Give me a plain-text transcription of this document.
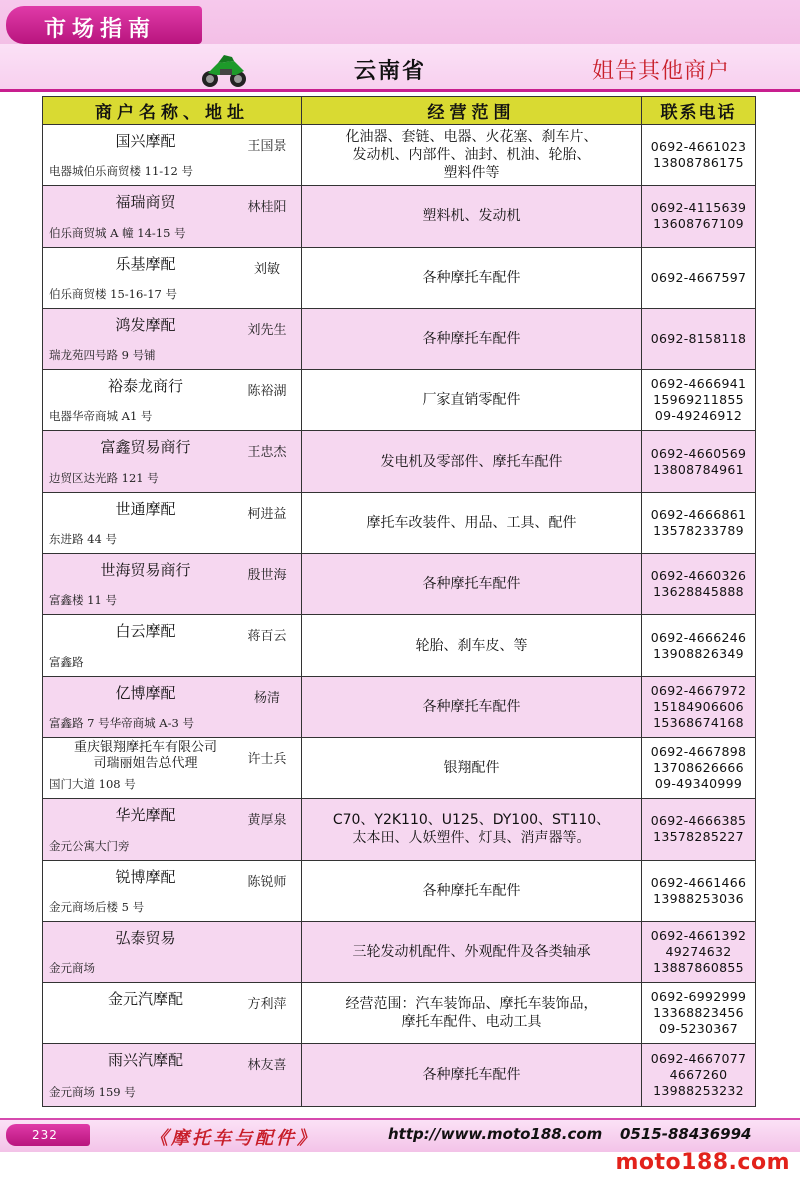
市场指南
云南省	姐告其他商户
商户名称、地址	经营范围	联系电话
国兴摩配	王国景
电器城伯乐商贸楼 11-12 号
化油器、套链、电器、火花塞、刹车片、
发动机、内部件、油封、机油、轮胎、
塑料件等
0692-4661023
13808786175
福瑞商贸	林桂阳
伯乐商贸城 A 幢 14-15 号
塑料机、发动机
0692-4115639
13608767109
乐基摩配	刘敏
伯乐商贸楼 15-16-17 号
各种摩托车配件	0692-4667597
鸿发摩配	刘先生
瑞龙苑四号路 9 号铺
各种摩托车配件	0692-8158118
裕泰龙商行	陈裕湖
电器华帝商城 A1 号
厂家直销零配件
0692-4666941
15969211855
09-49246912
富鑫贸易商行	王忠杰
边贸区达光路 121 号
发电机及零部件、摩托车配件
0692-4660569
13808784961
世通摩配	柯进益
东进路 44 号
摩托车改装件、用品、工具、配件
0692-4666861
13578233789
世海贸易商行	殷世海
富鑫楼 11 号
各种摩托车配件
0692-4660326
13628845888
白云摩配	蒋百云
富鑫路
轮胎、刹车皮、等
0692-4666246
13908826349
亿博摩配	杨清
富鑫路 7 号华帝商城 A-3 号
各种摩托车配件
0692-4667972
15184906606
15368674168
重庆银翔摩托车有限公司
司瑞丽姐告总代理	许士兵
国门大道 108 号
银翔配件
0692-4667898
13708626666
09-49340999
华光摩配	黄厚泉
金元公寓大门旁
C70、Y2K110、U125、DY100、ST110、
太本田、人妖塑件、灯具、消声器等。
0692-4666385
13578285227
锐博摩配	陈锐师
金元商场后楼 5 号
各种摩托车配件
0692-4661466
13988253036
弘泰贸易
金元商场
三轮发动机配件、外观配件及各类轴承
0692-4661392
49274632
13887860855
金元汽摩配	方利萍	经营范围：汽车装饰品、摩托车装饰品，
摩托车配件、电动工具
0692-6992999
13368823456
09-5230367
雨兴汽摩配	林友喜
金元商场 159 号
各种摩托车配件
0692-4667077
4667260
13988253232
232	《摩托车与配件》	http://www.moto188.com 0515-88436994
moto188.com
